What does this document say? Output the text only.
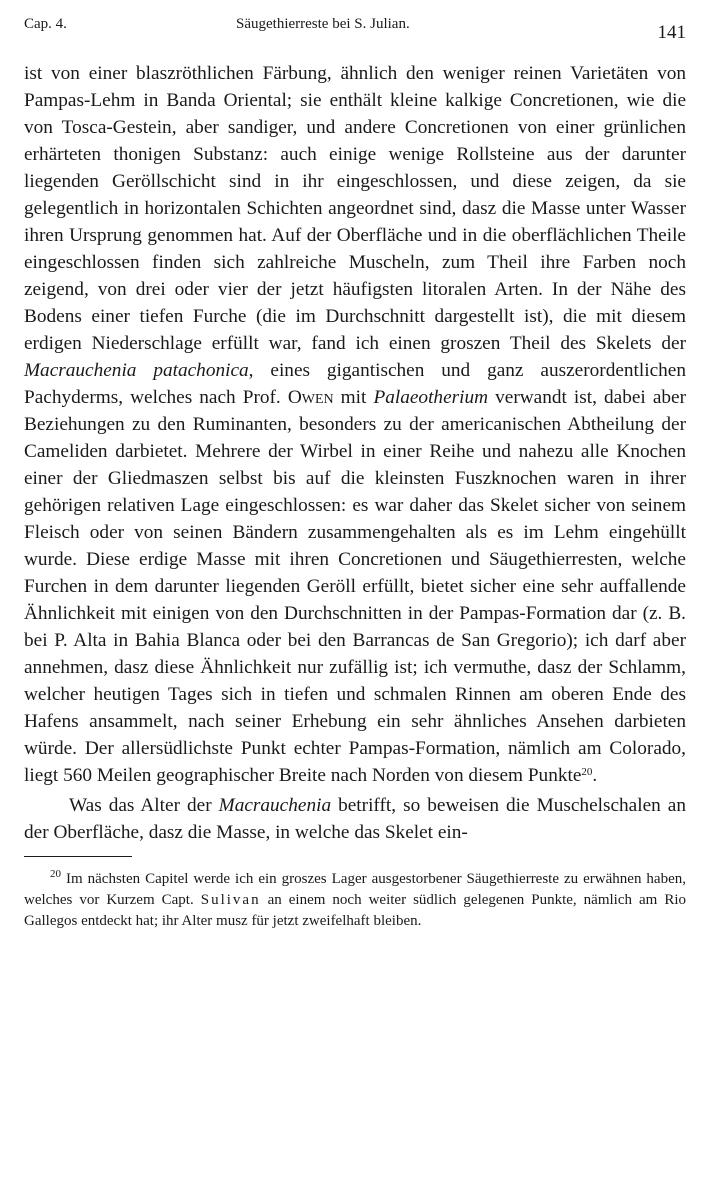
Cap. 4.	Säugethierreste bei S. Julian.	141

ist von einer blaszröthlichen Färbung, ähnlich den weniger reinen Varietäten von Pampas-Lehm in Banda Oriental; sie enthält kleine kalkige Concretionen, wie die von Tosca-Gestein, aber sandiger, und andere Concretionen von einer grünlichen erhärteten thonigen Substanz: auch einige wenige Rollsteine aus der darunter liegenden Geröllschicht sind in ihr eingeschlossen, und diese zeigen, da sie gelegentlich in horizontalen Schichten angeordnet sind, dasz die Masse unter Wasser ihren Ursprung genommen hat. Auf der Oberfläche und in die oberflächlichen Theile eingeschlossen finden sich zahlreiche Muscheln, zum Theil ihre Farben noch zeigend, von drei oder vier der jetzt häufigsten litoralen Arten. In der Nähe des Bodens einer tiefen Furche (die im Durchschnitt dargestellt ist), die mit diesem erdigen Niederschlage erfüllt war, fand ich einen groszen Theil des Skelets der Macrauchenia patachonica, eines gigantischen und ganz auszerordentlichen Pachyderms, welches nach Prof. Owen mit Palaeotherium verwandt ist, dabei aber Beziehungen zu den Ruminanten, besonders zu der americanischen Abtheilung der Cameliden darbietet. Mehrere der Wirbel in einer Reihe und nahezu alle Knochen einer der Gliedmaszen selbst bis auf die kleinsten Fuszknochen waren in ihrer gehörigen relativen Lage eingeschlossen: es war daher das Skelet sicher von seinem Fleisch oder von seinen Bändern zusammengehalten als es im Lehm eingehüllt wurde. Diese erdige Masse mit ihren Concretionen und Säugethierresten, welche Furchen in dem darunter liegenden Geröll erfüllt, bietet sicher eine sehr auffallende Ähnlichkeit mit einigen von den Durchschnitten in der Pampas-Formation dar (z. B. bei P. Alta in Bahia Blanca oder bei den Barrancas de San Gregorio); ich darf aber annehmen, dasz diese Ähnlichkeit nur zufällig ist; ich vermuthe, dasz der Schlamm, welcher heutigen Tages sich in tiefen und schmalen Rinnen am oberen Ende des Hafens ansammelt, nach seiner Erhebung ein sehr ähnliches Ansehen darbieten würde. Der allersüdlichste Punkt echter Pampas-Formation, nämlich am Colorado, liegt 560 Meilen geographischer Breite nach Norden von diesem Punkte$^{20}$.

Was das Alter der Macrauchenia betrifft, so beweisen die Muschelschalen an der Oberfläche, dasz die Masse, in welche das Skelet ein-

$^{20}$ Im nächsten Capitel werde ich ein groszes Lager ausgestorbener Säugethierreste zu erwähnen haben, welches vor Kurzem Capt. Sulivan an einem noch weiter südlich gelegenen Punkte, nämlich am Rio Gallegos entdeckt hat; ihr Alter musz für jetzt zweifelhaft bleiben.
